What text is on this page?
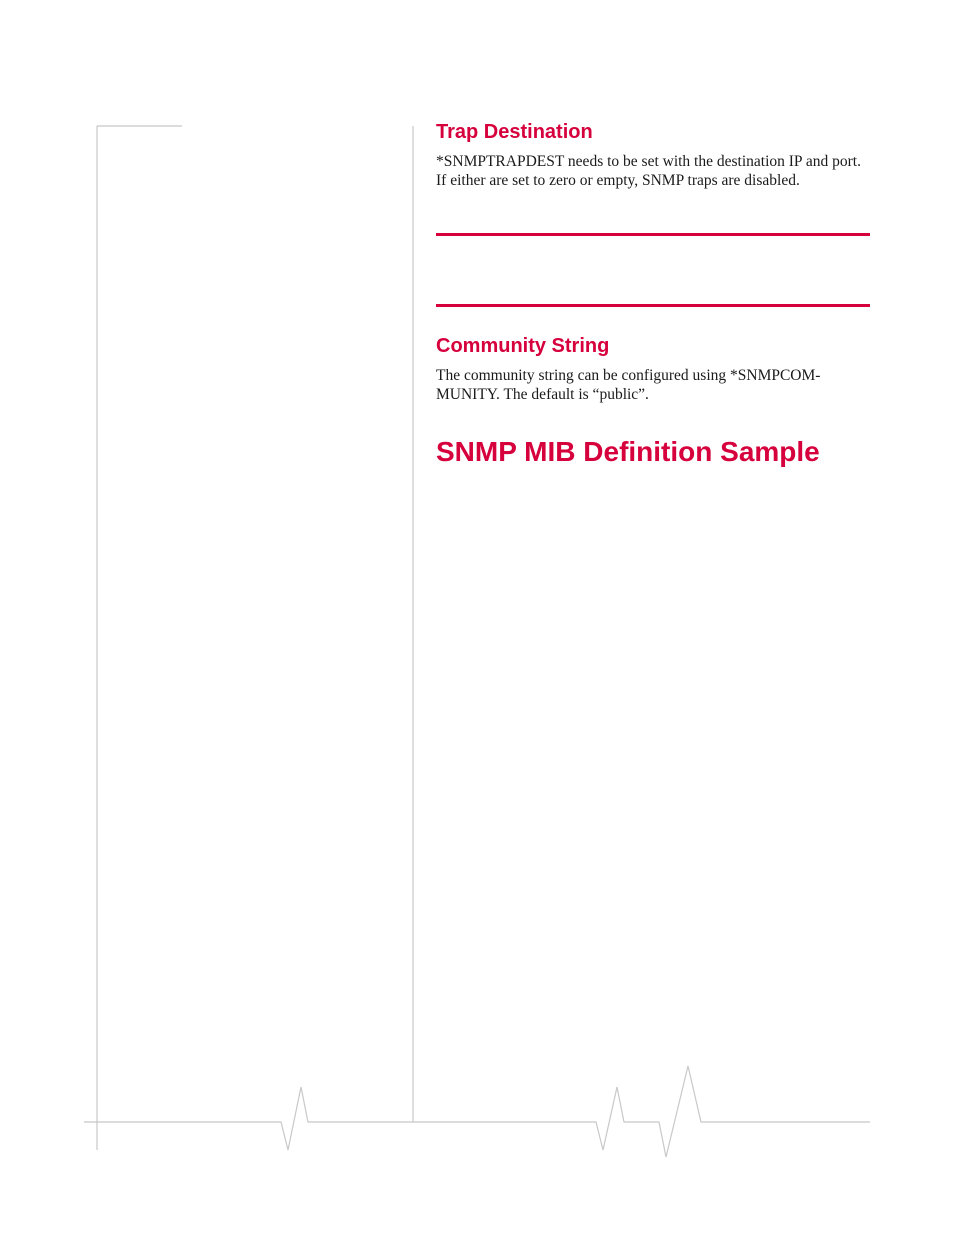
Trap Destination

*SNMPTRAPDEST needs to be set with the destination IP and port. If either are set to zero or empty, SNMP traps are disabled.

Community String

The community string can be configured using *SNMPCOM-MUNITY. The default is “public”.

SNMP MIB Definition Sample
